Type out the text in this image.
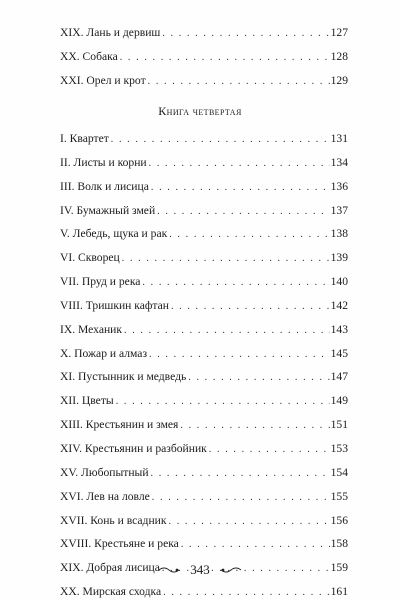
XIX. Лань и дервиш . . .	127
XX. Собака . . .	128
XXI. Орел и крот . . .	129
Книга четвертая
I. Квартет . . .	131
II. Листы и корни . . .	134
III. Волк и лисица . . .	136
IV. Бумажный змей . . .	137
V. Лебедь, щука и рак . . .	138
VI. Скворец . . .	139
VII. Пруд и река . . .	140
VIII. Тришкин кафтан . . .	142
IX. Механик . . .	143
X. Пожар и алмаз . . .	145
XI. Пустынник и медведь . . .	147
XII. Цветы . . .	149
XIII. Крестьянин и змея . . .	151
XIV. Крестьянин и разбойник . . .	153
XV. Любопытный . . .	154
XVI. Лев на ловле . . .	155
XVII. Конь и всадник . . .	156
XVIII. Крестьяне и река . . .	158
XIX. Добрая лисица . . .	159
XX. Мирская сходка . . .	161
343
